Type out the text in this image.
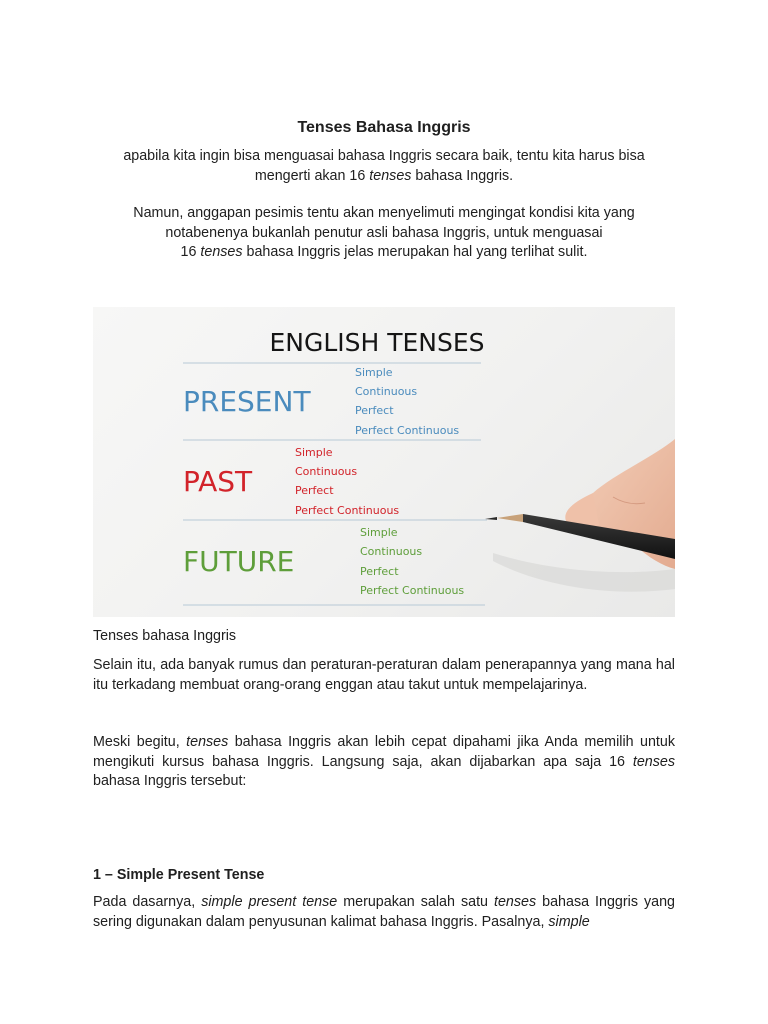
Tenses Bahasa Inggris
apabila kita ingin bisa menguasai bahasa Inggris secara baik, tentu kita harus bisa
mengerti akan 16 tenses bahasa Inggris.
Namun, anggapan pesimis tentu akan menyelimuti mengingat kondisi kita yang
notabenenya bukanlah penutur asli bahasa Inggris, untuk menguasai
16 tenses bahasa Inggris jelas merupakan hal yang terlihat sulit.
ENGLISH TENSES
PRESENT
Simple
Continuous
Perfect
Perfect Continuous
PAST
Simple
Continuous
Perfect
Perfect Continuous
FUTURE
Simple
Continuous
Perfect
Perfect Continuous
Tenses bahasa Inggris
Selain itu, ada banyak rumus dan peraturan-peraturan dalam penerapannya yang mana hal itu terkadang membuat orang-orang enggan atau takut untuk mempelajarinya.
Meski begitu, tenses bahasa Inggris akan lebih cepat dipahami jika Anda memilih untuk mengikuti kursus bahasa Inggris. Langsung saja, akan dijabarkan apa saja 16 tenses bahasa Inggris tersebut:
1 – Simple Present Tense
Pada dasarnya, simple present tense merupakan salah satu tenses bahasa Inggris yang sering digunakan dalam penyusunan kalimat bahasa Inggris. Pasalnya, simple
